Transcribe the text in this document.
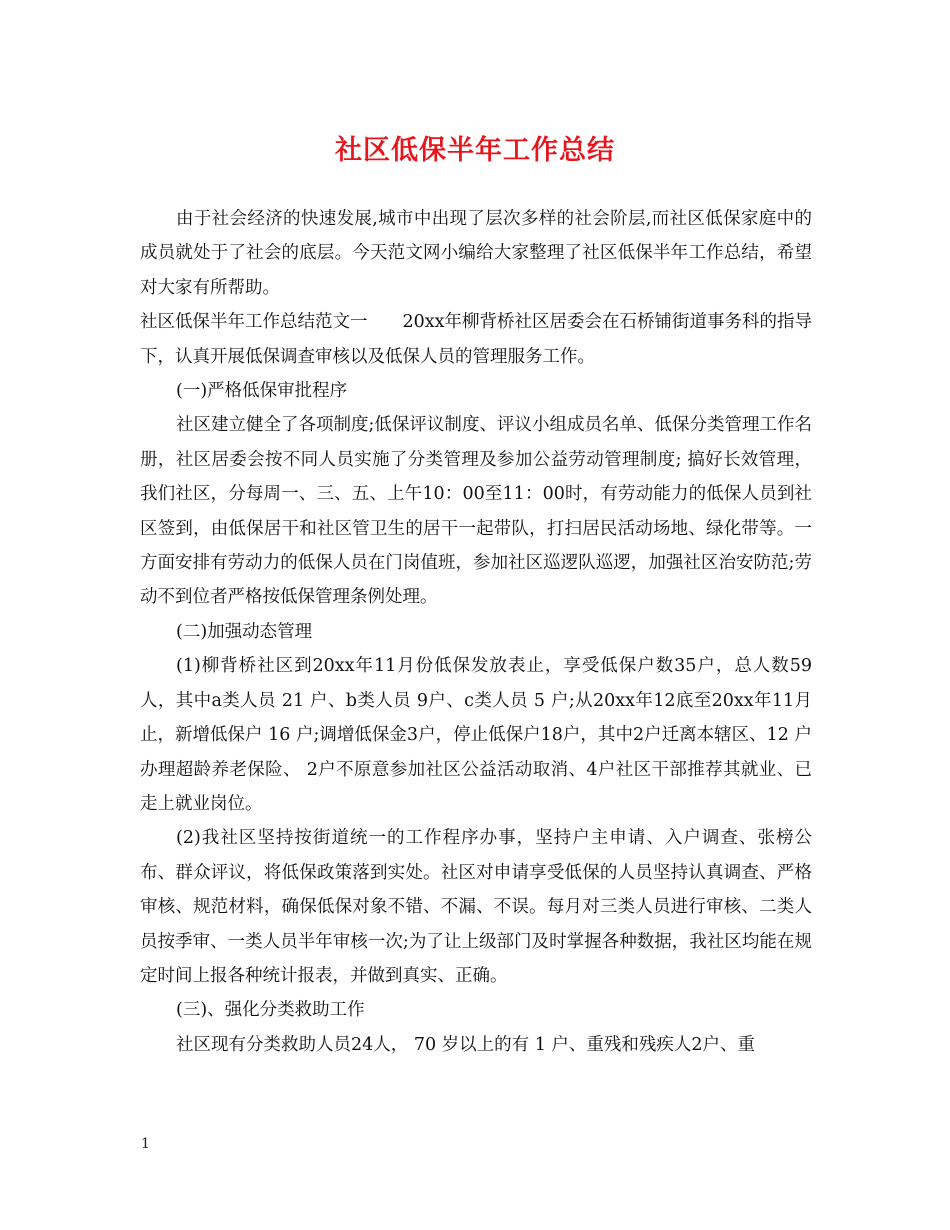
社区低保半年工作总结

由于社会经济的快速发展,城市中出现了层次多样的社会阶层,而社区低保家庭中的成员就处于了社会的底层。今天范文网小编给大家整理了社区低保半年工作总结，希望对大家有所帮助。

社区低保半年工作总结范文一　　20xx年柳背桥社区居委会在石桥铺街道事务科的指导下，认真开展低保调查审核以及低保人员的管理服务工作。

(一)严格低保审批程序

社区建立健全了各项制度;低保评议制度、评议小组成员名单、低保分类管理工作名册，社区居委会按不同人员实施了分类管理及参加公益劳动管理制度; 搞好长效管理，我们社区，分每周一、三、五、上午10：00至11：00时，有劳动能力的低保人员到社区签到，由低保居干和社区管卫生的居干一起带队，打扫居民活动场地、绿化带等。一方面安排有劳动力的低保人员在门岗值班，参加社区巡逻队巡逻，加强社区治安防范;劳动不到位者严格按低保管理条例处理。

(二)加强动态管理

(1)柳背桥社区到20xx年11月份低保发放表止，享受低保户数35户，总人数59人，其中a类人员 21 户、b类人员 9户、c类人员 5 户;从20xx年12底至20xx年11月止，新增低保户 16 户;调增低保金3户，停止低保户18户，其中2户迁离本辖区、12 户办理超龄养老保险、 2户不原意参加社区公益活动取消、4户社区干部推荐其就业、已走上就业岗位。

(2)我社区坚持按街道统一的工作程序办事，坚持户主申请、入户调查、张榜公布、群众评议，将低保政策落到实处。社区对申请享受低保的人员坚持认真调查、严格审核、规范材料，确保低保对象不错、不漏、不误。每月对三类人员进行审核、二类人员按季审、一类人员半年审核一次;为了让上级部门及时掌握各种数据，我社区均能在规定时间上报各种统计报表，并做到真实、正确。

(三)、强化分类救助工作

社区现有分类救助人员24人， 70 岁以上的有 1 户、重残和残疾人2户、重

1
